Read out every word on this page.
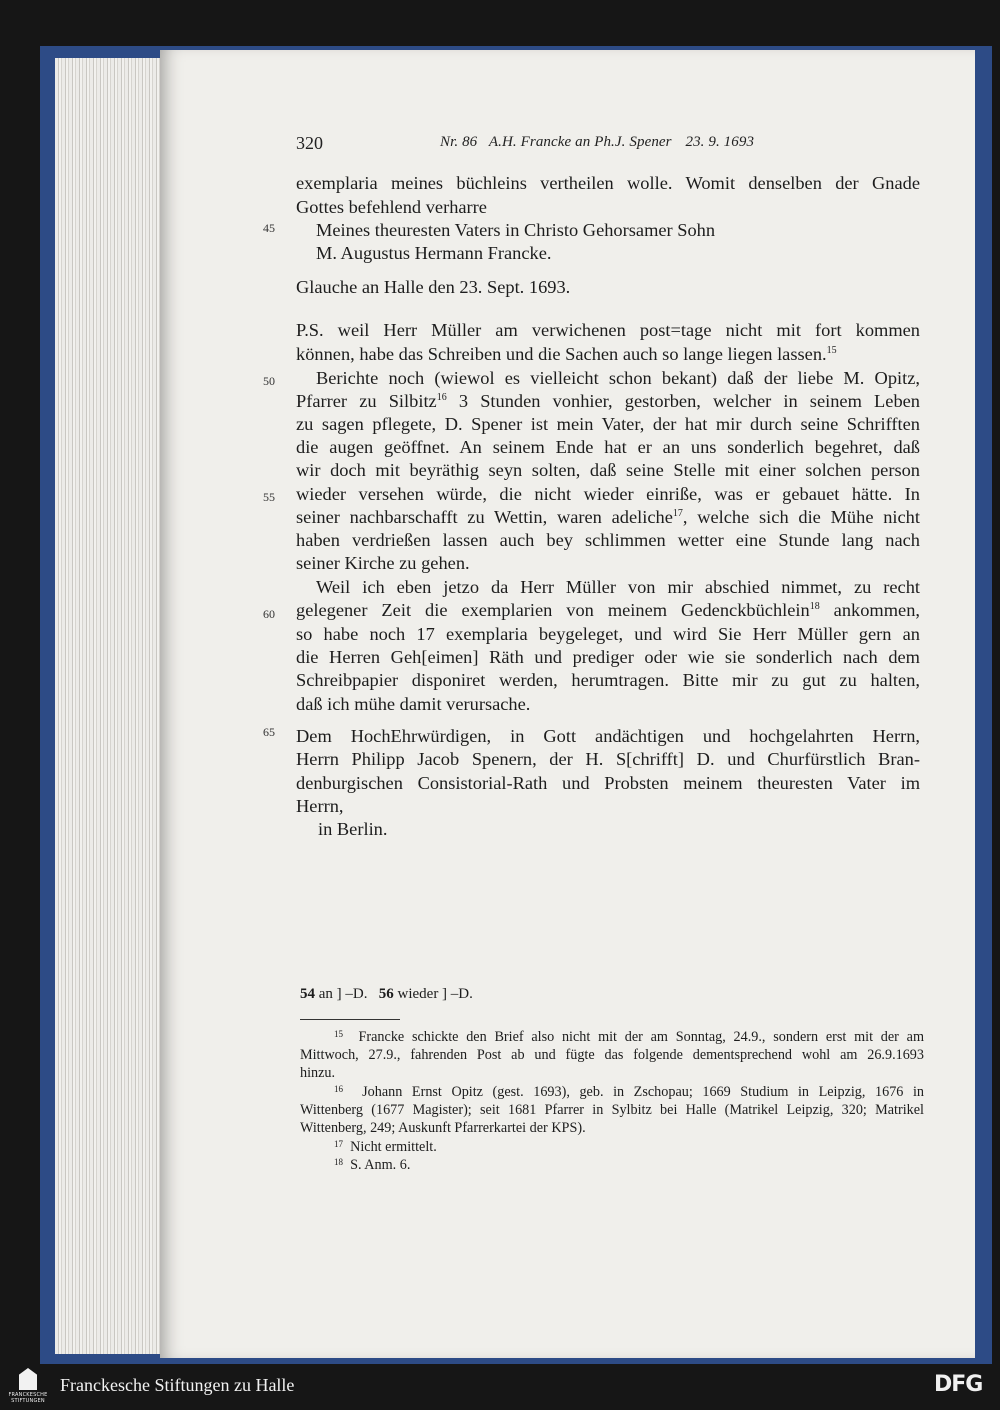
320	Nr. 86 A.H. Francke an Ph.J. Spener 23. 9. 1693
45
50
55
60
65
exemplaria meines büchleins vertheilen wolle. Womit denselben der Gnade
Gottes befehlend verharre
Meines theuresten Vaters in Christo Gehorsamer Sohn
M. Augustus Hermann Francke.
Glauche an Halle den 23. Sept. 1693.
P.S. weil Herr Müller am verwichenen post=tage nicht mit fort kommen
können, habe das Schreiben und die Sachen auch so lange liegen lassen.$^{15}$
Berichte noch (wiewol es vielleicht schon bekant) daß der liebe M. Opitz,
Pfarrer zu Silbitz$^{16}$ 3 Stunden vonhier, gestorben, welcher in seinem Leben
zu sagen pflegete, D. Spener ist mein Vater, der hat mir durch seine Schrifften
die augen geöffnet. An seinem Ende hat er an uns sonderlich begehret, daß
wir doch mit beyräthig seyn solten, daß seine Stelle mit einer solchen person
wieder versehen würde, die nicht wieder einriße, was er gebauet hätte. In
seiner nachbarschafft zu Wettin, waren adeliche$^{17}$, welche sich die Mühe nicht
haben verdrießen lassen auch bey schlimmen wetter eine Stunde lang nach
seiner Kirche zu gehen.
Weil ich eben jetzo da Herr Müller von mir abschied nimmet, zu recht
gelegener Zeit die exemplarien von meinem Gedenckbüchlein$^{18}$ ankommen,
so habe noch 17 exemplaria beygeleget, und wird Sie Herr Müller gern an
die Herren Geh[eimen] Räth und prediger oder wie sie sonderlich nach dem
Schreibpapier disponiret werden, herumtragen. Bitte mir zu gut zu halten,
daß ich mühe damit verursache.
Dem HochEhrwürdigen, in Gott andächtigen und hochgelahrten Herrn,
Herrn Philipp Jacob Spenern, der H. S[chrifft] D. und Churfürstlich Bran-
denburgischen Consistorial-Rath und Probsten meinem theuresten Vater im
Herrn,
in Berlin.
54 an ] –D. 56 wieder ] –D.
$^{15}$ Francke schickte den Brief also nicht mit der am Sonntag, 24.9., sondern erst mit der am
Mittwoch, 27.9., fahrenden Post ab und fügte das folgende dementsprechend wohl am 26.9.1693
hinzu.
$^{16}$ Johann Ernst Opitz (gest. 1693), geb. in Zschopau; 1669 Studium in Leipzig, 1676 in
Wittenberg (1677 Magister); seit 1681 Pfarrer in Sylbitz bei Halle (Matrikel Leipzig, 320; Matrikel
Wittenberg, 249; Auskunft Pfarrerkartei der KPS).
$^{17}$ Nicht ermittelt.
$^{18}$ S. Anm. 6.
FRANCKESCHE
STIFTUNGEN
Franckesche Stiftungen zu Halle	DFG
